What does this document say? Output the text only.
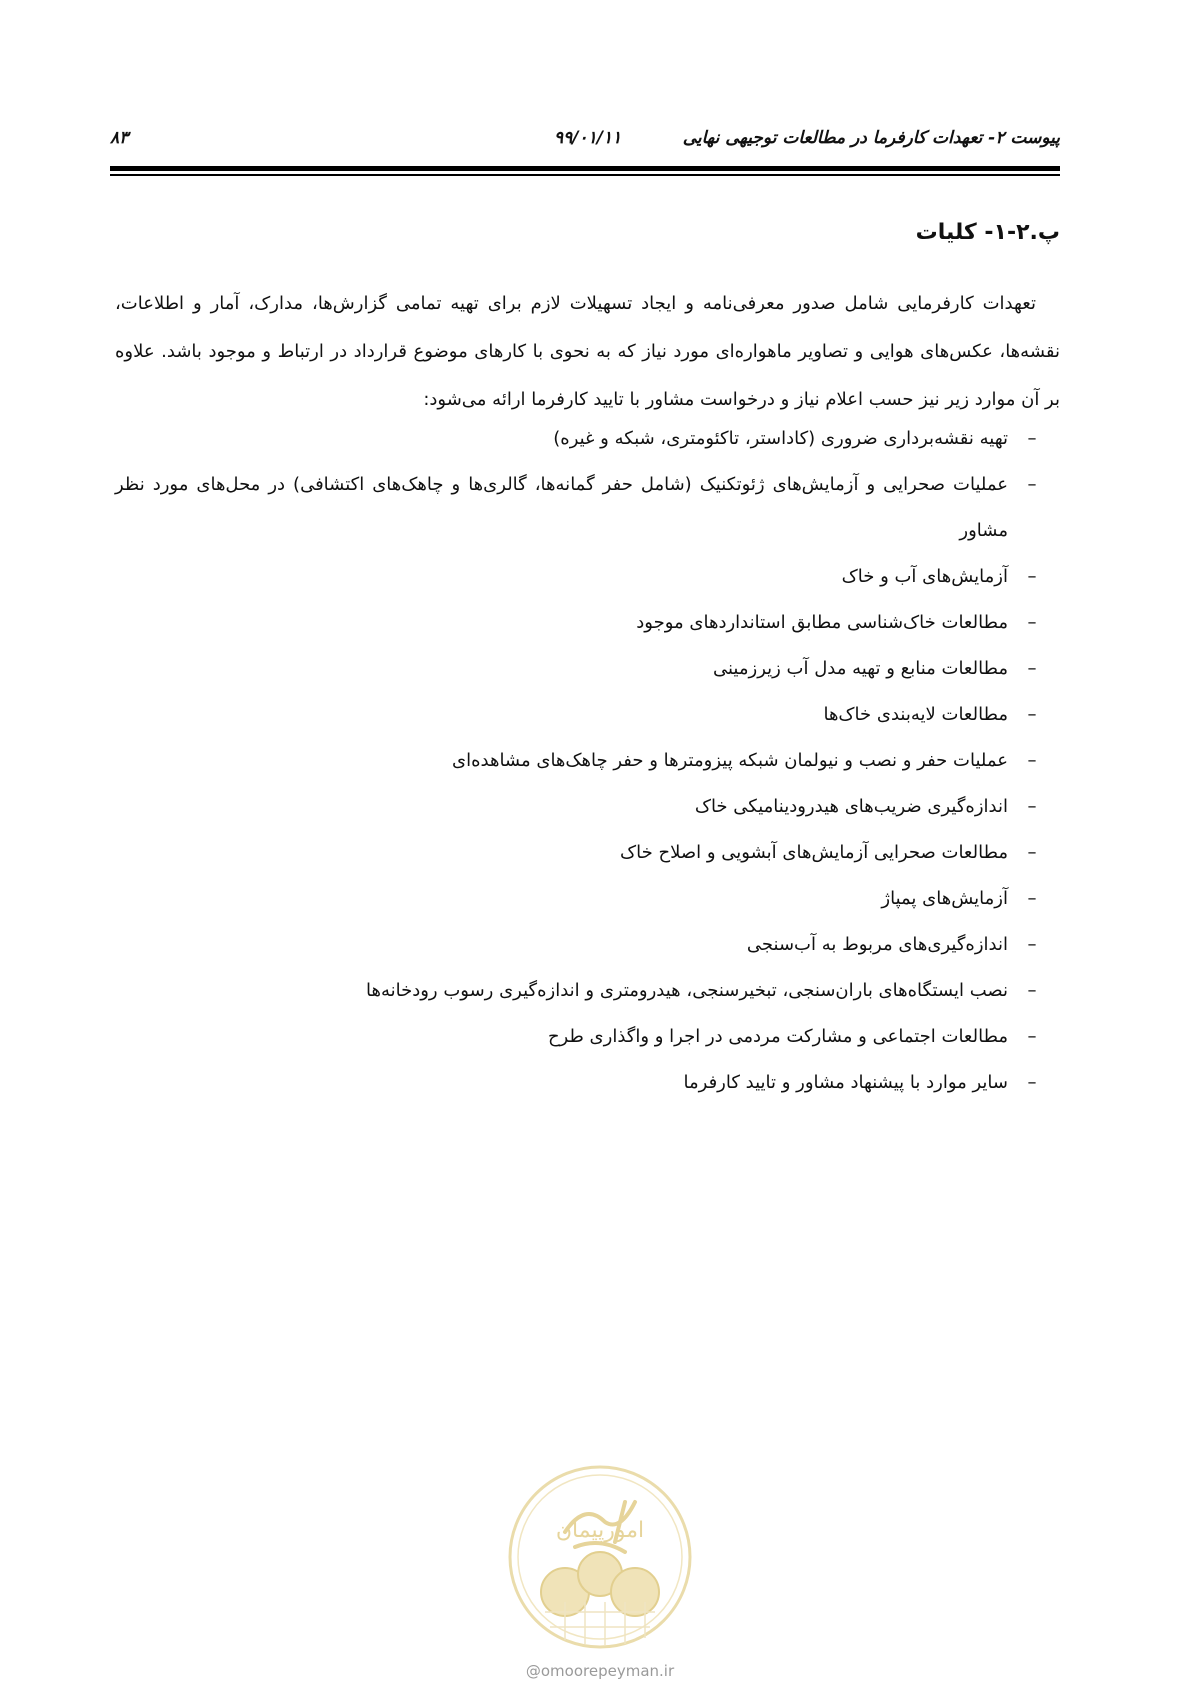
پیوست ۲- تعهدات کارفرما در مطالعات توجیهی نهایی
۹۹/۰۱/۱۱
۸۳
پ.۲-۱- کلیات

تعهدات کارفرمایی شامل صدور معرفی‌نامه و ایجاد تسهیلات لازم برای تهیه تمامی گزارش‌ها، مدارک، آمار و اطلاعات، نقشه‌ها، عکس‌های هوایی و تصاویر ماهواره‌ای مورد نیاز که به نحوی با کارهای موضوع قرارداد در ارتباط و موجود باشد. علاوه بر آن موارد زیر نیز حسب اعلام نیاز و درخواست مشاور با تایید کارفرما ارائه می‌شود:

–
تهیه نقشه‌برداری ضروری (کاداستر، تاکئومتری، شبکه و غیره)
–
عملیات صحرایی و آزمایش‌های ژئوتکنیک (شامل حفر گمانه‌ها، گالری‌ها و چاهک‌های اکتشافی) در محل‌های مورد نظر مشاور
–
آزمایش‌های آب و خاک
–
مطالعات خاک‌شناسی مطابق استانداردهای موجود
–
مطالعات منابع و تهیه مدل آب زیرزمینی
–
مطالعات لایه‌بندی خاک‌ها
–
عملیات حفر و نصب و نیولمان شبکه پیزومترها و حفر چاهک‌های مشاهده‌ای
–
اندازه‌گیری ضریب‌های هیدرودینامیکی خاک
–
مطالعات صحرایی آزمایش‌های آبشویی و اصلاح خاک
–
آزمایش‌های پمپاژ
–
اندازه‌گیری‌های مربوط به آب‌سنجی
–
نصب ایستگاه‌های باران‌سنجی، تبخیرسنجی، هیدرومتری و اندازه‌گیری رسوب رودخانه‌ها
–
مطالعات اجتماعی و مشارکت مردمی در اجرا و واگذاری طرح
–
سایر موارد با پیشنهاد مشاور و تایید کارفرما
امورپیمان
@omoorepeyman.ir
